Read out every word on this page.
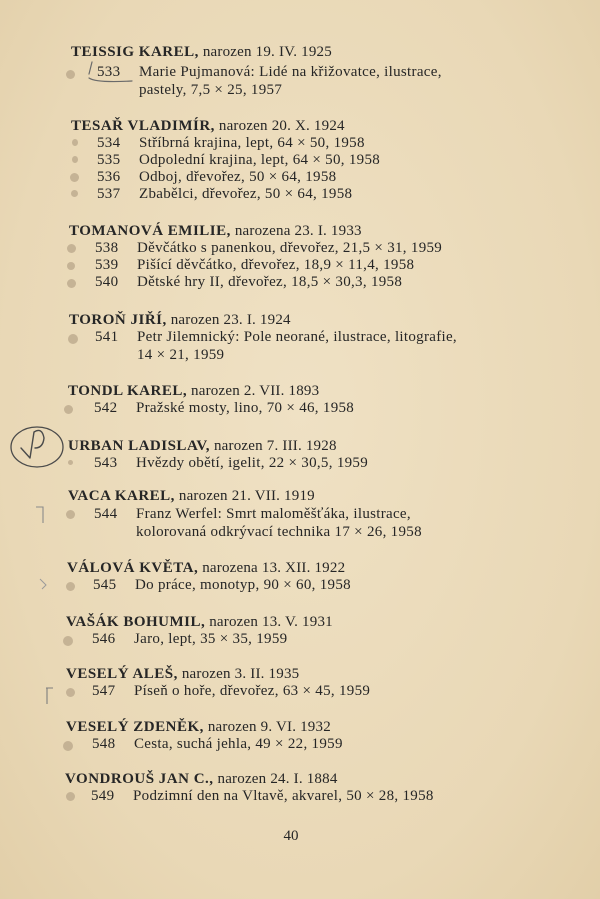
TEISSIG KAREL, narozen 19. IV. 1925
533 Marie Pujmanová: Lidé na křižovatce, ilustrace,
pastely, 7,5 × 25, 1957
TESAŘ VLADIMÍR, narozen 20. X. 1924
534 Stříbrná krajina, lept, 64 × 50, 1958
535 Odpolední krajina, lept, 64 × 50, 1958
536 Odboj, dřevořez, 50 × 64, 1958
537 Zbabělci, dřevořez, 50 × 64, 1958
TOMANOVÁ EMILIE, narozena 23. I. 1933
538 Děvčátko s panenkou, dřevořez, 21,5 × 31, 1959
539 Pišící děvčátko, dřevořez, 18,9 × 11,4, 1958
540 Dětské hry II, dřevořez, 18,5 × 30,3, 1958
TOROŇ JIŘÍ, narozen 23. I. 1924
541 Petr Jilemnický: Pole neorané, ilustrace, litografie,
14 × 21, 1959
TONDL KAREL, narozen 2. VII. 1893
542 Pražské mosty, lino, 70 × 46, 1958
URBAN LADISLAV, narozen 7. III. 1928
543 Hvězdy obětí, igelit, 22 × 30,5, 1959
VACA KAREL, narozen 21. VII. 1919
544 Franz Werfel: Smrt maloměšťáka, ilustrace,
kolorovaná odkrývací technika 17 × 26, 1958
VÁLOVÁ KVĚTA, narozena 13. XII. 1922
545 Do práce, monotyp, 90 × 60, 1958
VAŠÁK BOHUMIL, narozen 13. V. 1931
546 Jaro, lept, 35 × 35, 1959
VESELÝ ALEŠ, narozen 3. II. 1935
547 Píseň o hoře, dřevořez, 63 × 45, 1959
VESELÝ ZDENĚK, narozen 9. VI. 1932
548 Cesta, suchá jehla, 49 × 22, 1959
VONDROUŠ JAN C., narozen 24. I. 1884
549 Podzimní den na Vltavě, akvarel, 50 × 28, 1958
40
